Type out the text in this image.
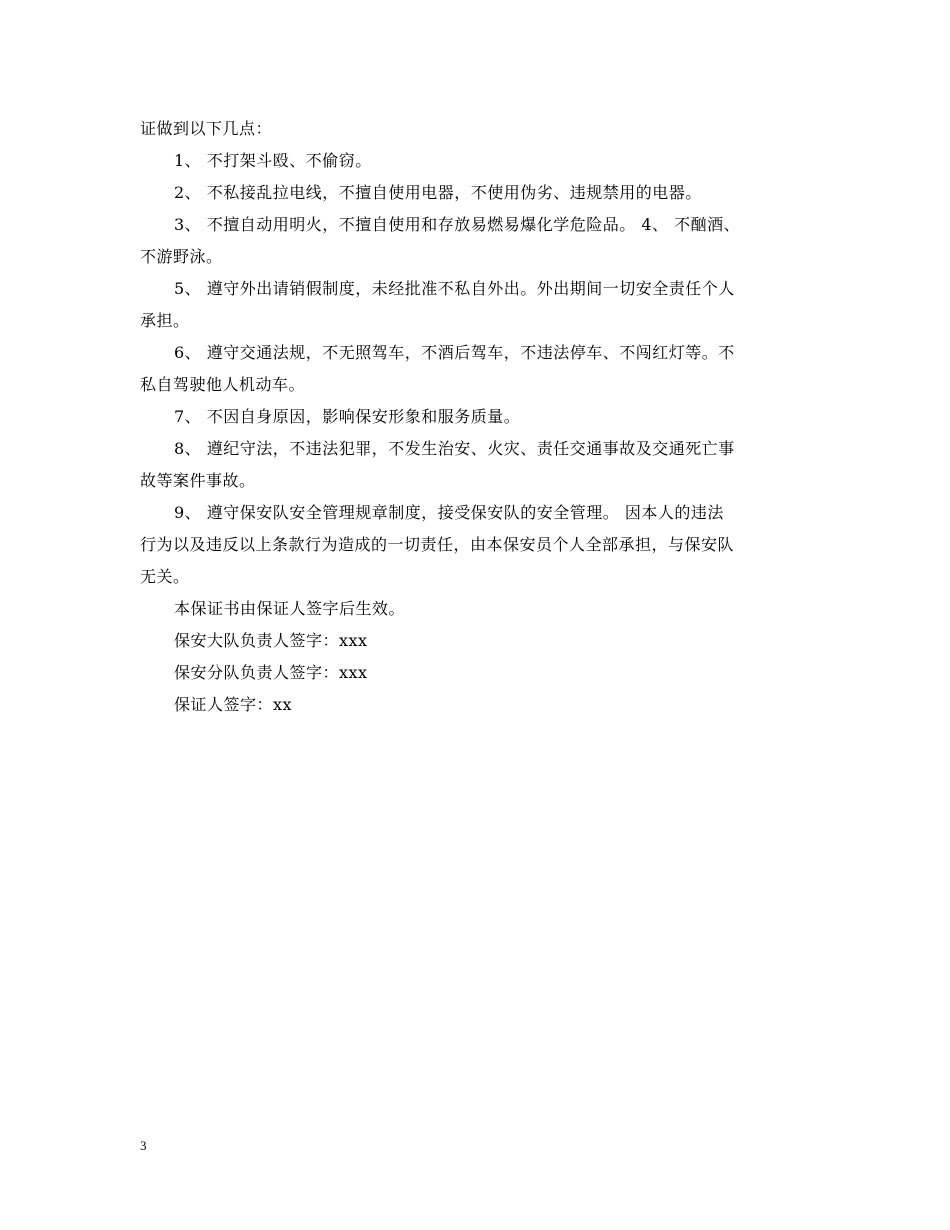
证做到以下几点：
1、 不打架斗殴、不偷窃。
2、 不私接乱拉电线，不擅自使用电器，不使用伪劣、违规禁用的电器。
3、 不擅自动用明火，不擅自使用和存放易燃易爆化学危险品。 4、 不酗酒、
不游野泳。
5、 遵守外出请销假制度，未经批准不私自外出。外出期间一切安全责任个人
承担。
6、 遵守交通法规，不无照驾车，不酒后驾车，不违法停车、不闯红灯等。不
私自驾驶他人机动车。
7、 不因自身原因，影响保安形象和服务质量。
8、 遵纪守法，不违法犯罪，不发生治安、火灾、责任交通事故及交通死亡事
故等案件事故。
9、 遵守保安队安全管理规章制度，接受保安队的安全管理。 因本人的违法
行为以及违反以上条款行为造成的一切责任，由本保安员个人全部承担，与保安队
无关。
本保证书由保证人签字后生效。
保安大队负责人签字：xxx
保安分队负责人签字：xxx
保证人签字：xx
3
